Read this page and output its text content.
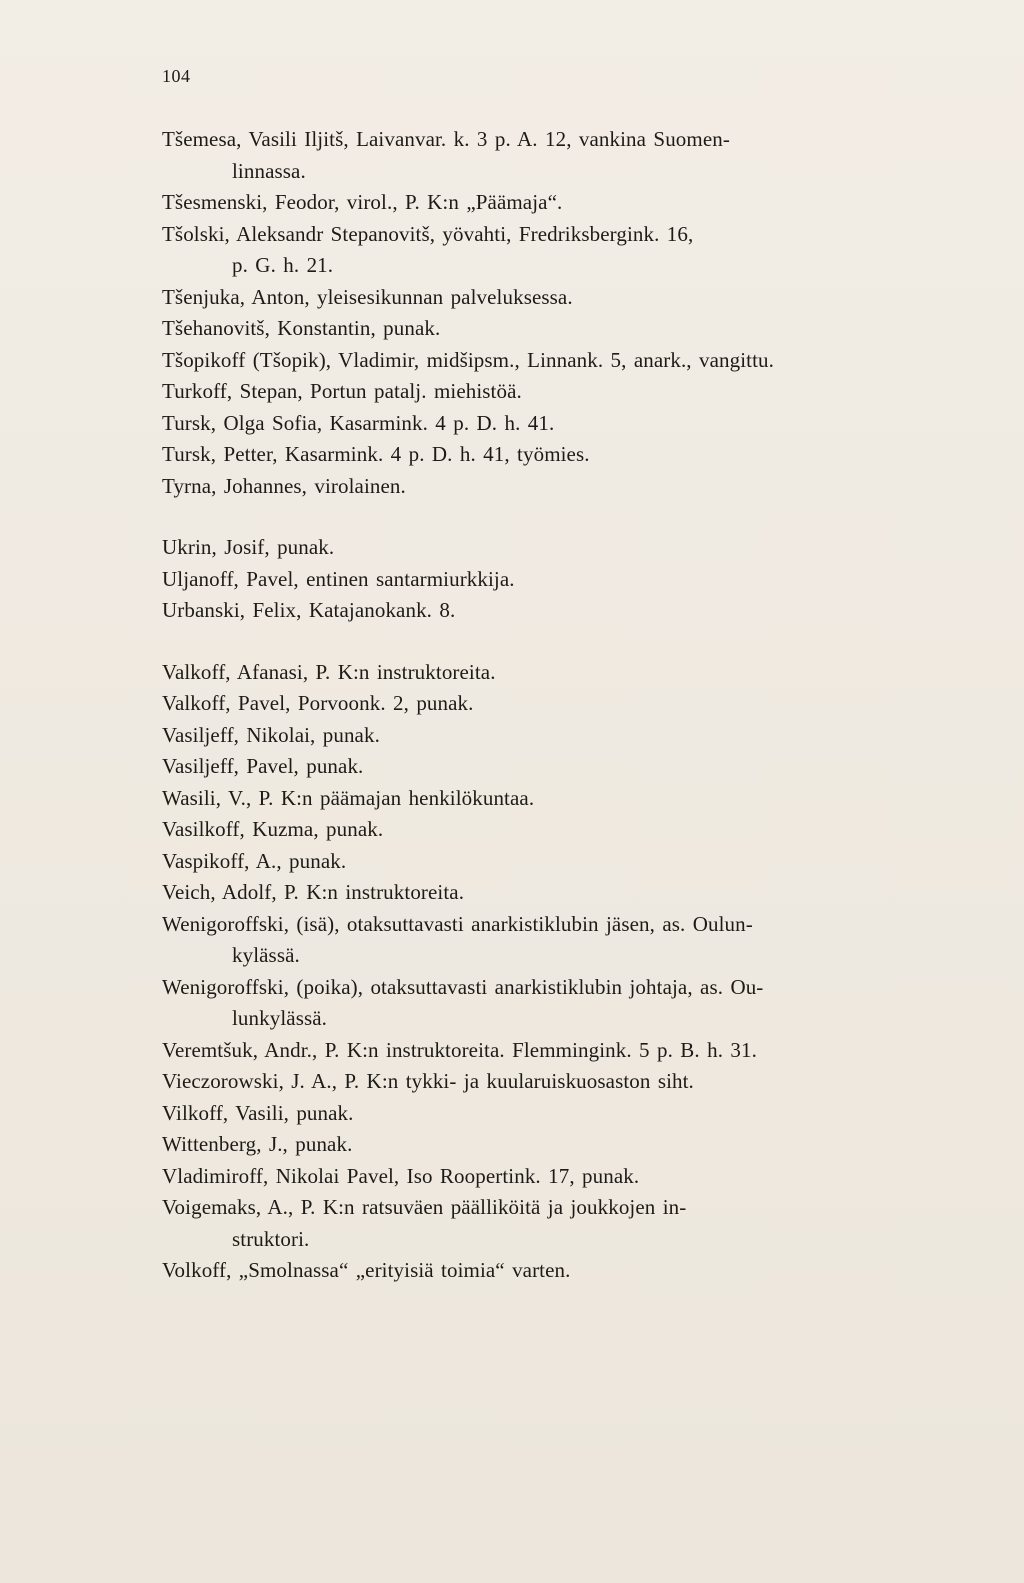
104
Tšemesa, Vasili Iljitš, Laivanvar. k. 3 p. A. 12, vankina Suomen-
linnassa.
Tšesmenski, Feodor, virol., P. K:n „Päämaja“.
Tšolski, Aleksandr Stepanovitš, yövahti, Fredriksbergink. 16,
p. G. h. 21.
Tšenjuka, Anton, yleisesikunnan palveluksessa.
Tšehanovitš, Konstantin, punak.
Tšopikoff (Tšopik), Vladimir, midšipsm., Linnank. 5, anark., vangittu.
Turkoff, Stepan, Portun patalj. miehistöä.
Tursk, Olga Sofia, Kasarmink. 4 p. D. h. 41.
Tursk, Petter, Kasarmink. 4 p. D. h. 41, työmies.
Tyrna, Johannes, virolainen.
Ukrin, Josif, punak.
Uljanoff, Pavel, entinen santarmiurkkija.
Urbanski, Felix, Katajanokank. 8.
Valkoff, Afanasi, P. K:n instruktoreita.
Valkoff, Pavel, Porvoonk. 2, punak.
Vasiljeff, Nikolai, punak.
Vasiljeff, Pavel, punak.
Wasili, V., P. K:n päämajan henkilökuntaa.
Vasilkoff, Kuzma, punak.
Vaspikoff, A., punak.
Veich, Adolf, P. K:n instruktoreita.
Wenigoroffski, (isä), otaksuttavasti anarkistiklubin jäsen, as. Oulun-
kylässä.
Wenigoroffski, (poika), otaksuttavasti anarkistiklubin johtaja, as. Ou-
lunkylässä.
Veremtšuk, Andr., P. K:n instruktoreita. Flemmingink. 5 p. B. h. 31.
Vieczorowski, J. A., P. K:n tykki- ja kuularuiskuosaston siht.
Vilkoff, Vasili, punak.
Wittenberg, J., punak.
Vladimiroff, Nikolai Pavel, Iso Roopertink. 17, punak.
Voigemaks, A., P. K:n ratsuväen päälliköitä ja joukkojen in-
struktori.
Volkoff, „Smolnassa“ „erityisiä toimia“ varten.
